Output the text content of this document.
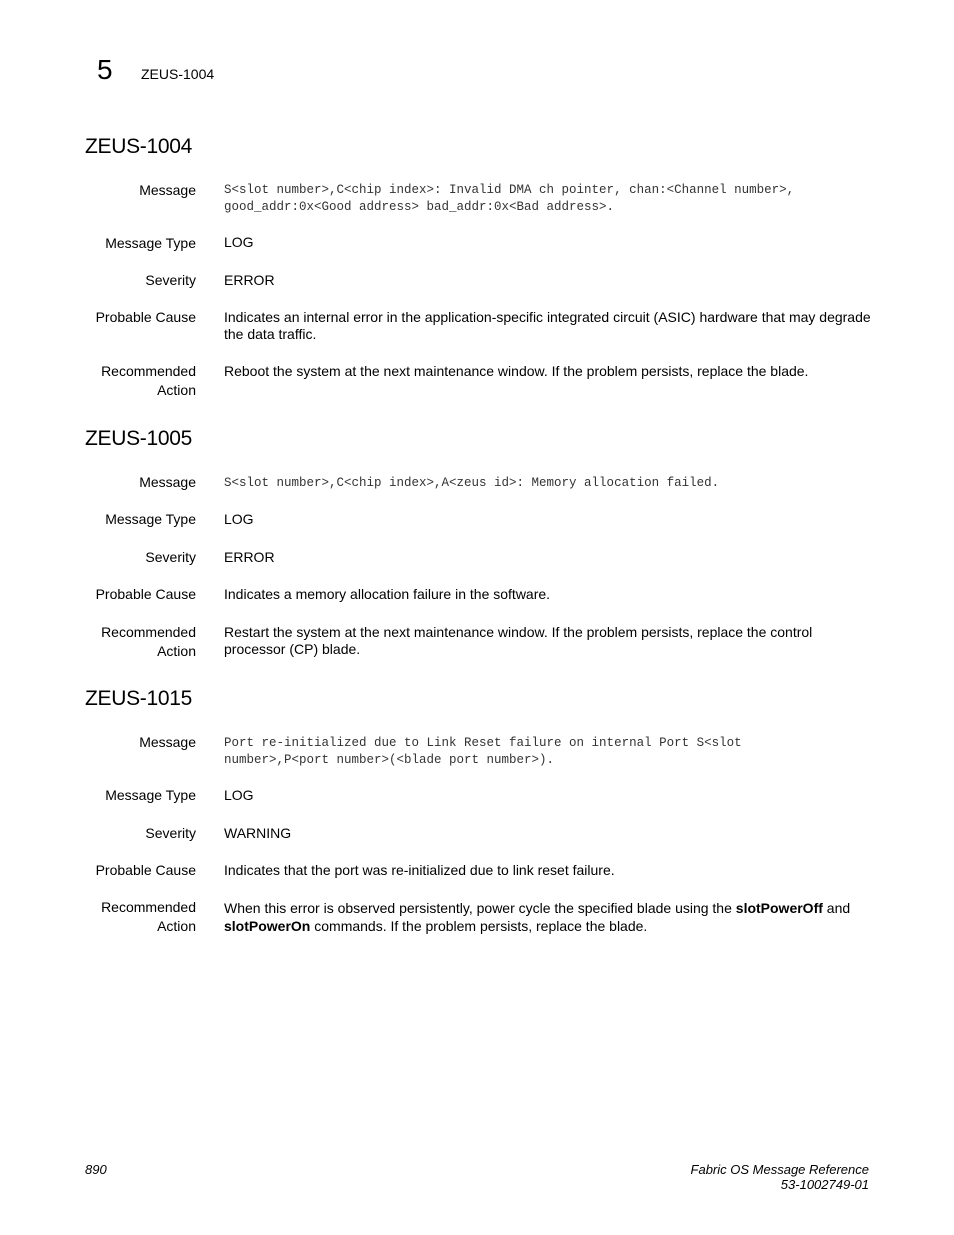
5 ZEUS-1004
ZEUS-1004
Message S<slot number>,C<chip index>: Invalid DMA ch pointer, chan:<Channel number>,
good_addr:0x<Good address> bad_addr:0x<Bad address>.
Message Type LOG
Severity ERROR
Probable Cause Indicates an internal error in the application-specific integrated circuit (ASIC) hardware that may degrade the data traffic.
Recommended
Action
Reboot the system at the next maintenance window. If the problem persists, replace the blade.
ZEUS-1005
Message S<slot number>,C<chip index>,A<zeus id>: Memory allocation failed.
Message Type LOG
Severity ERROR
Probable Cause Indicates a memory allocation failure in the software.
Recommended
Action
Restart the system at the next maintenance window. If the problem persists, replace the control processor (CP) blade.
ZEUS-1015
Message Port re-initialized due to Link Reset failure on internal Port S<slot
number>,P<port number>(<blade port number>).
Message Type LOG
Severity WARNING
Probable Cause Indicates that the port was re-initialized due to link reset failure.
Recommended
Action
When this error is observed persistently, power cycle the specified blade using the slotPowerOff and slotPowerOn commands. If the problem persists, replace the blade.
890	Fabric OS Message Reference
53-1002749-01
